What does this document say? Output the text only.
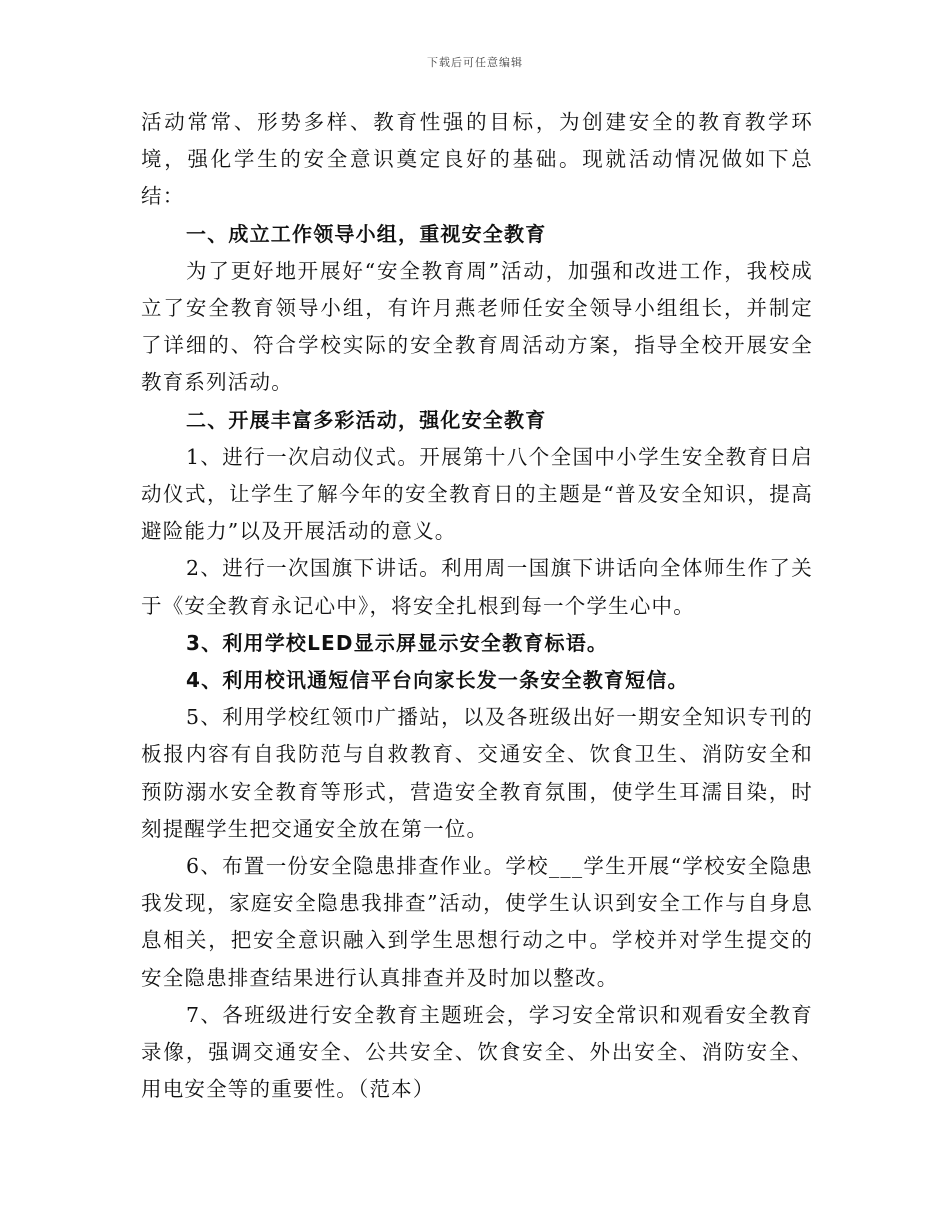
下载后可任意编辑

活动常常、形势多样、教育性强的目标，为创建安全的教育教学环境，强化学生的安全意识奠定良好的基础。现就活动情况做如下总结：

一、成立工作领导小组，重视安全教育

为了更好地开展好“安全教育周”活动，加强和改进工作，我校成立了安全教育领导小组，有许月燕老师任安全领导小组组长，并制定了详细的、符合学校实际的安全教育周活动方案，指导全校开展安全教育系列活动。

二、开展丰富多彩活动，强化安全教育

1、进行一次启动仪式。开展第十八个全国中小学生安全教育日启动仪式，让学生了解今年的安全教育日的主题是“普及安全知识，提高避险能力”以及开展活动的意义。

2、进行一次国旗下讲话。利用周一国旗下讲话向全体师生作了关于《安全教育永记心中》，将安全扎根到每一个学生心中。

3、利用学校LED显示屏显示安全教育标语。

4、利用校讯通短信平台向家长发一条安全教育短信。

5、利用学校红领巾广播站，以及各班级出好一期安全知识专刊的板报内容有自我防范与自救教育、交通安全、饮食卫生、消防安全和预防溺水安全教育等形式，营造安全教育氛围，使学生耳濡目染，时刻提醒学生把交通安全放在第一位。

6、布置一份安全隐患排查作业。学校___学生开展“学校安全隐患我发现，家庭安全隐患我排查”活动，使学生认识到安全工作与自身息息相关，把安全意识融入到学生思想行动之中。学校并对学生提交的安全隐患排查结果进行认真排查并及时加以整改。

7、各班级进行安全教育主题班会，学习安全常识和观看安全教育录像，强调交通安全、公共安全、饮食安全、外出安全、消防安全、用电安全等的重要性。（范本）
